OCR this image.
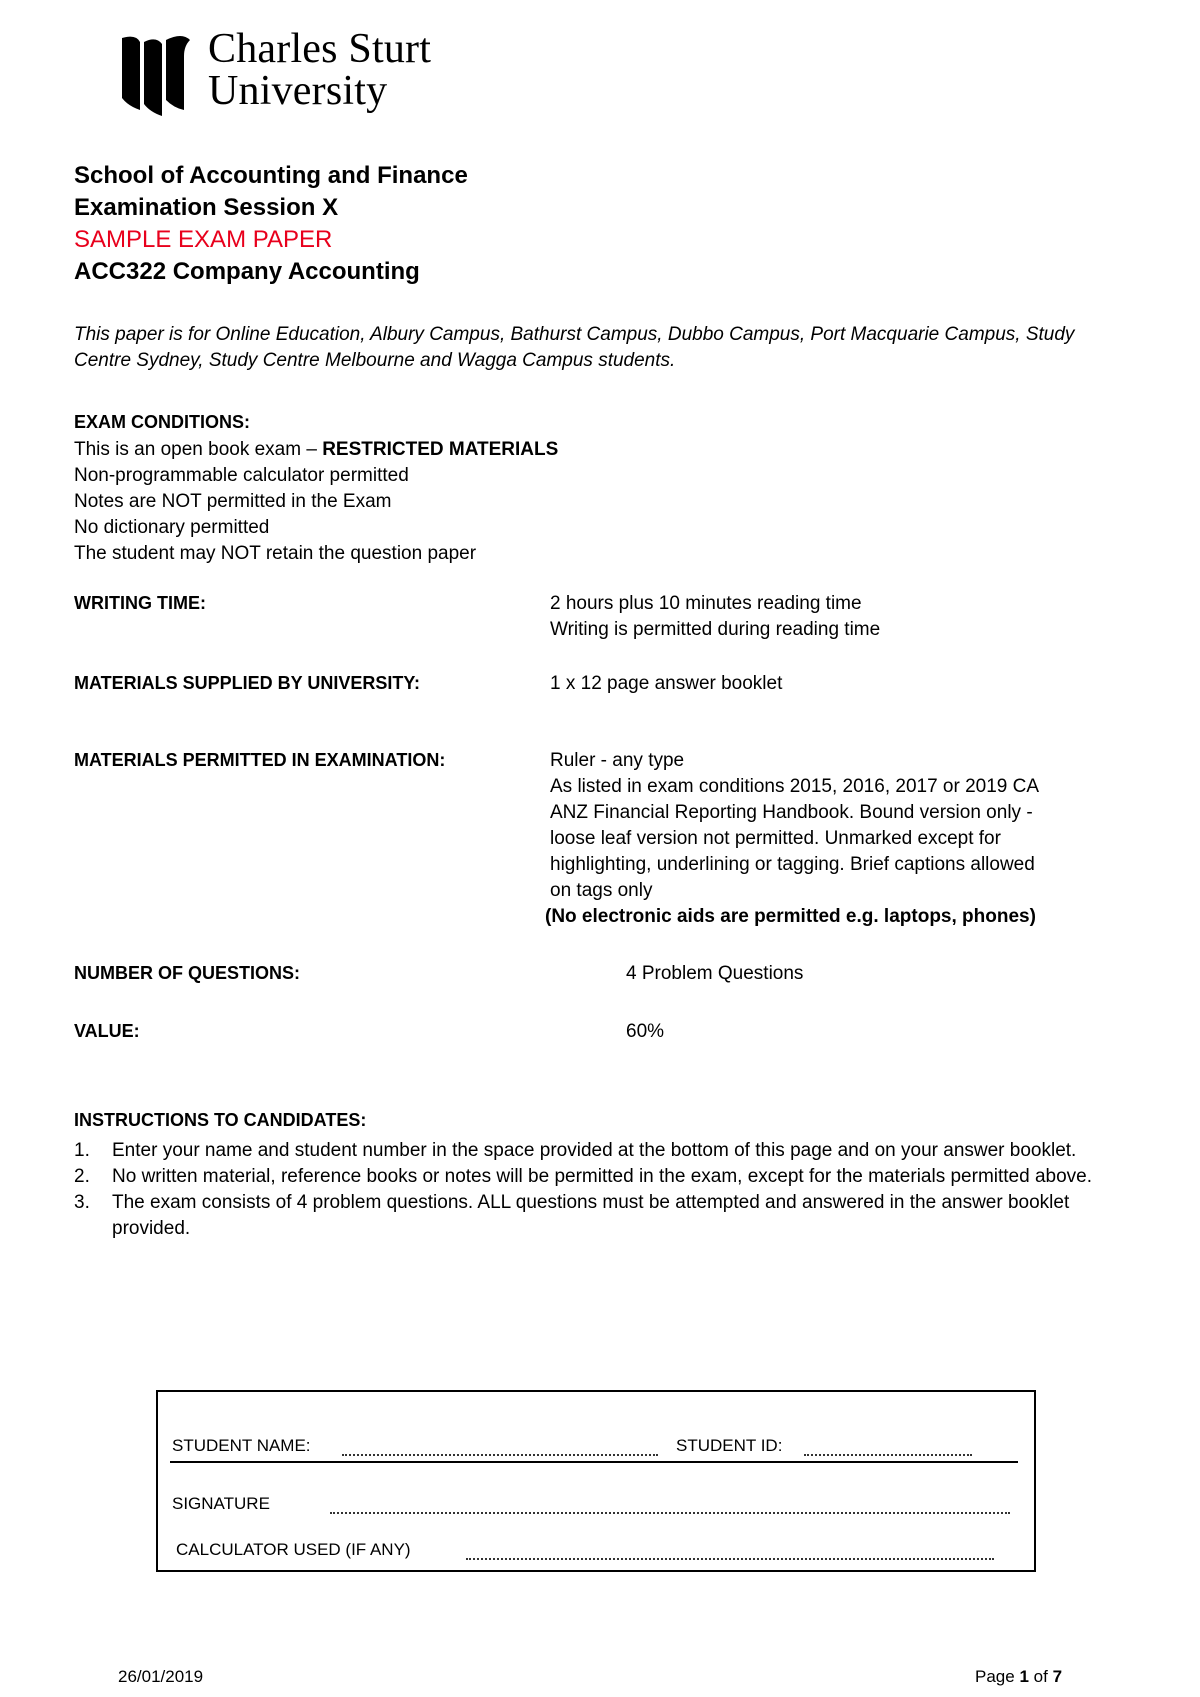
Charles Sturt
University
School of Accounting and Finance
Examination Session X
SAMPLE EXAM PAPER
ACC322 Company Accounting
This paper is for Online Education, Albury Campus, Bathurst Campus, Dubbo Campus, Port Macquarie Campus, Study Centre Sydney, Study Centre Melbourne and Wagga Campus students.
EXAM CONDITIONS:
This is an open book exam – RESTRICTED MATERIALS
Non-programmable calculator permitted
Notes are NOT permitted in the Exam
No dictionary permitted
The student may NOT retain the question paper
WRITING TIME:	2 hours plus 10 minutes reading time
Writing is permitted during reading time
MATERIALS SUPPLIED BY UNIVERSITY:	1 x 12 page answer booklet
MATERIALS PERMITTED IN EXAMINATION:	Ruler - any type
As listed in exam conditions 2015, 2016, 2017 or 2019 CA
ANZ Financial Reporting Handbook. Bound version only -
loose leaf version not permitted. Unmarked except for
highlighting, underlining or tagging. Brief captions allowed
on tags only
(No electronic aids are permitted e.g. laptops, phones)
NUMBER OF QUESTIONS:	4 Problem Questions
VALUE:	60%
INSTRUCTIONS TO CANDIDATES:
1. Enter your name and student number in the space provided at the bottom of this page and on your answer booklet.
2. No written material, reference books or notes will be permitted in the exam, except for the materials permitted above.
3. The exam consists of 4 problem questions. ALL questions must be attempted and answered in the answer booklet provided.
STUDENT NAME:	STUDENT ID:
SIGNATURE
CALCULATOR USED (IF ANY)
26/01/2019	Page 1 of 7
